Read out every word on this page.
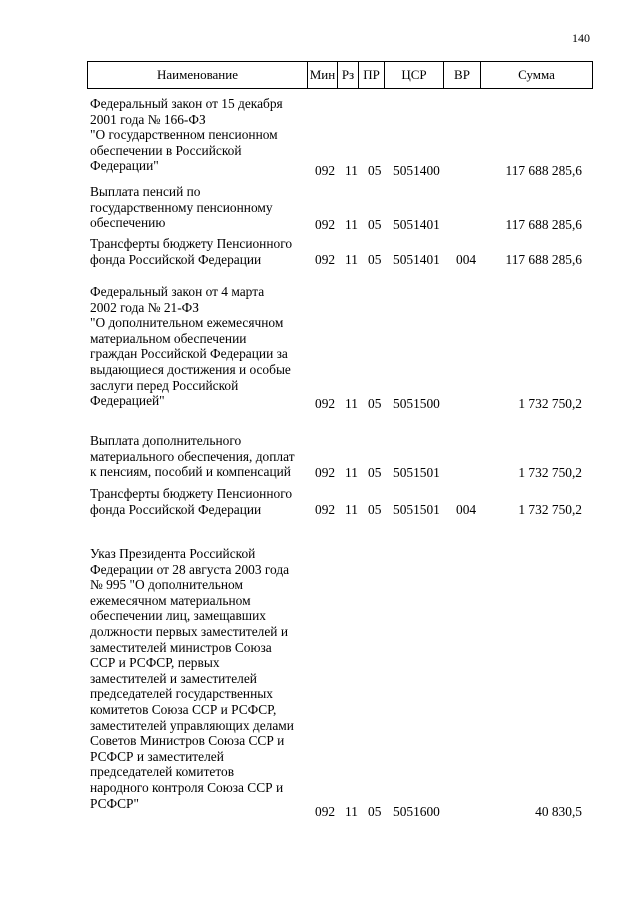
140
Наименование	Мин	Рз	ПР	ЦСР	ВР	Сумма
Федеральный закон от 15 декабря
2001 года № 166-ФЗ
"О государственном пенсионном
обеспечении в Российской
Федерации"	092 11 05 5051400	117 688 285,6
Выплата пенсий по
государственному пенсионному
обеспечению	092 11 05 5051401	117 688 285,6
Трансферты бюджету Пенсионного
фонда Российской Федерации	092 11 05 5051401 004 117 688 285,6
Федеральный закон от 4 марта
2002 года № 21-ФЗ
"О дополнительном ежемесячном
материальном обеспечении
граждан Российской Федерации за
выдающиеся достижения и особые
заслуги перед Российской
Федерацией"	092 11 05 5051500	1 732 750,2
Выплата дополнительного
материального обеспечения, доплат
к пенсиям, пособий и компенсаций	092 11 05 5051501	1 732 750,2
Трансферты бюджету Пенсионного
фонда Российской Федерации	092 11 05 5051501 004	1 732 750,2
Указ Президента Российской
Федерации от 28 августа 2003 года
№ 995 "О дополнительном
ежемесячном материальном
обеспечении лиц, замещавших
должности первых заместителей и
заместителей министров Союза
ССР и РСФСР, первых
заместителей и заместителей
председателей государственных
комитетов Союза ССР и РСФСР,
заместителей управляющих делами
Советов Министров Союза ССР и
РСФСР и заместителей
председателей комитетов
народного контроля Союза ССР и
РСФСР"
092 11 05 5051600	40 830,5
